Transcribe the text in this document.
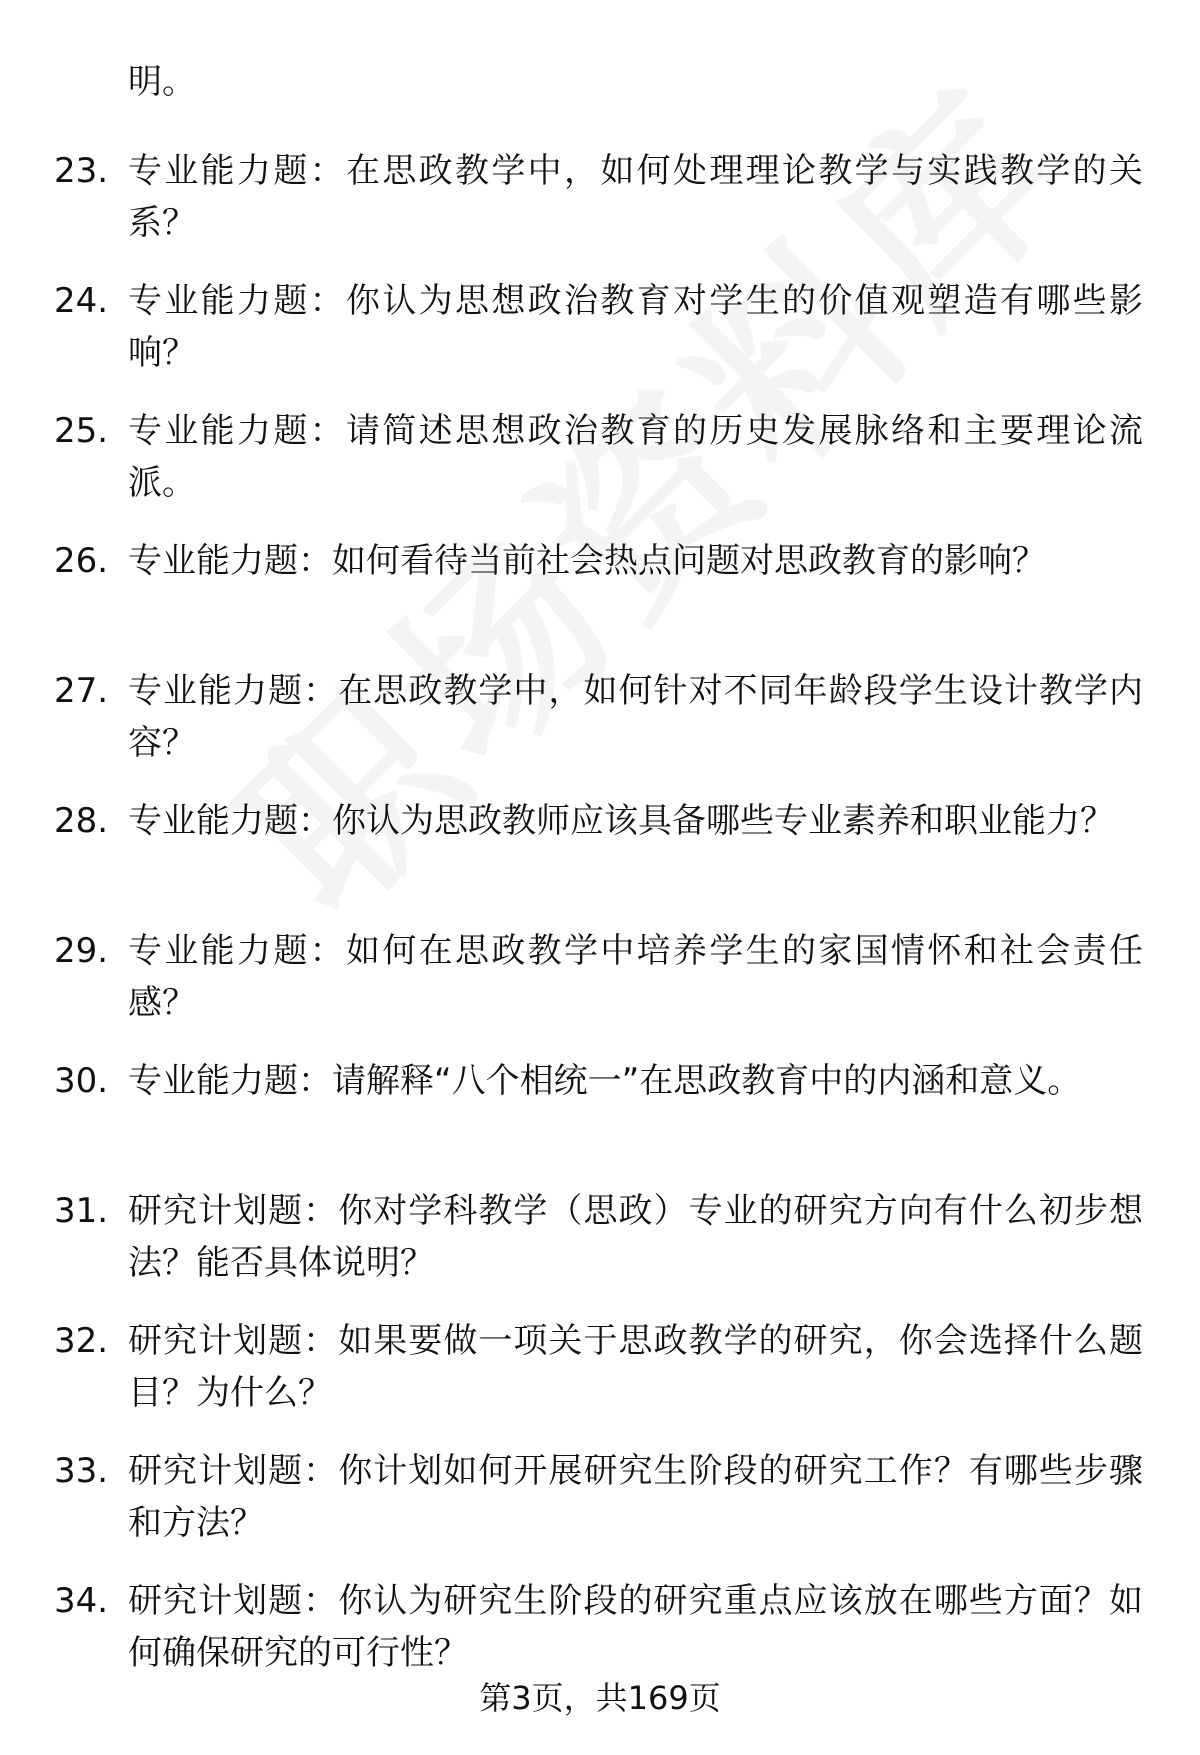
明。

23. 专业能力题：在思政教学中，如何处理理论教学与实践教学的关系？
24. 专业能力题：你认为思想政治教育对学生的价值观塑造有哪些影响？
25. 专业能力题：请简述思想政治教育的历史发展脉络和主要理论流派。
26. 专业能力题：如何看待当前社会热点问题对思政教育的影响？
27. 专业能力题：在思政教学中，如何针对不同年龄段学生设计教学内容？
28. 专业能力题：你认为思政教师应该具备哪些专业素养和职业能力？
29. 专业能力题：如何在思政教学中培养学生的家国情怀和社会责任感？
30. 专业能力题：请解释“八个相统一”在思政教育中的内涵和意义。
31. 研究计划题：你对学科教学（思政）专业的研究方向有什么初步想法？能否具体说明？
32. 研究计划题：如果要做一项关于思政教学的研究，你会选择什么题目？为什么？
33. 研究计划题：你计划如何开展研究生阶段的研究工作？有哪些步骤和方法？
34. 研究计划题：你认为研究生阶段的研究重点应该放在哪些方面？如何确保研究的可行性？
第3页，共169页
